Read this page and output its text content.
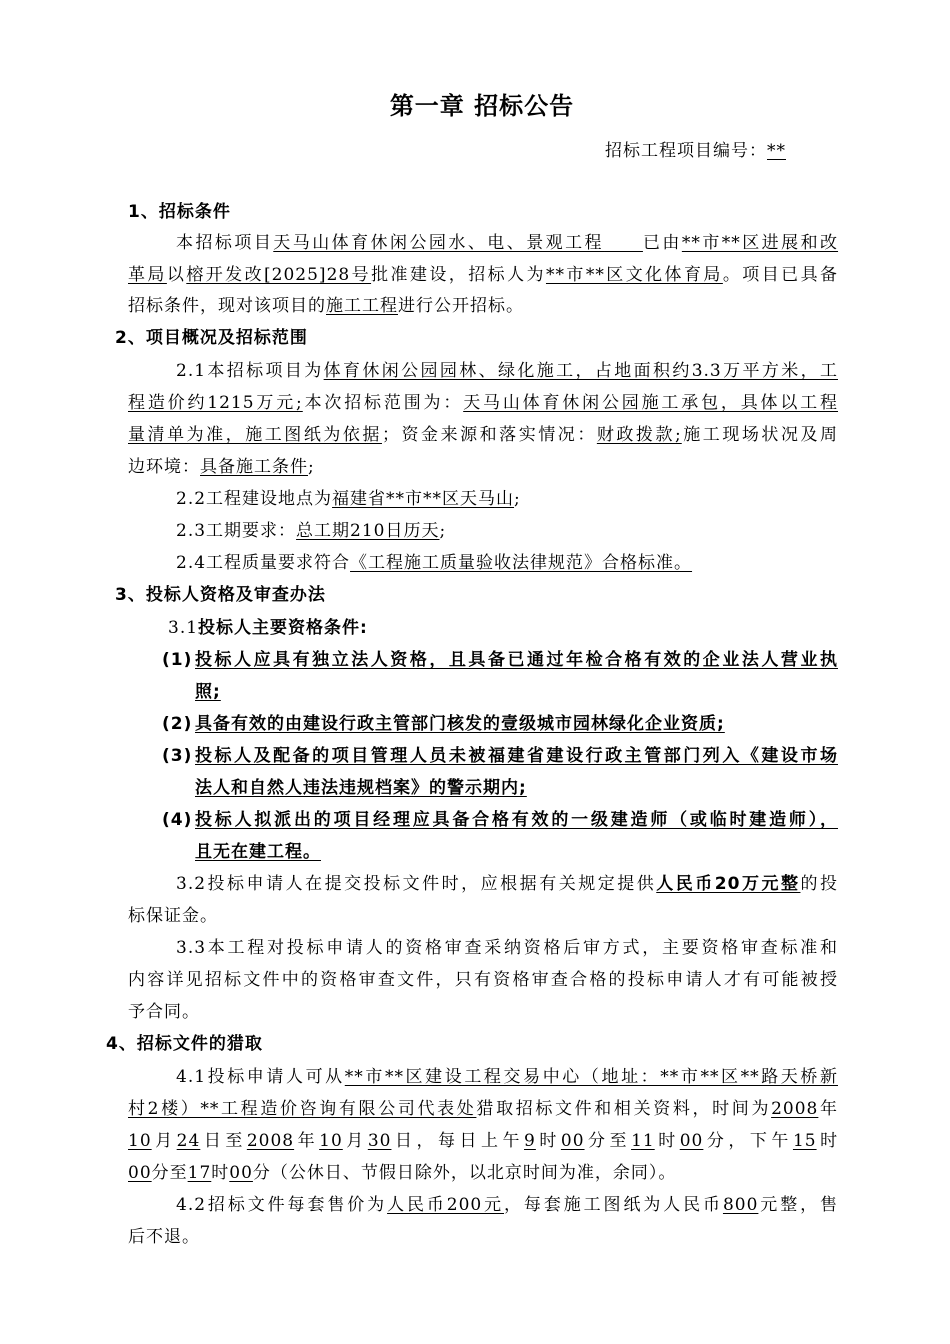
第一章 招标公告
招标工程项目编号：**
1、招标条件
本招标项目天马山体育休闲公园水、电、景观工程　　 已由**市**区进展和改
革局以榕开发改[2025]28号批准建设，招标人为**市**区文化体育局。项目已具备
招标条件，现对该项目的施工工程进行公开招标。
2、项目概况及招标范围
2.1本招标项目为体育休闲公园园林、绿化施工，占地面积约3.3万平方米，工
程造价约1215万元;本次招标范围为：天马山体育休闲公园施工承包，具体以工程
量清单为准，施工图纸为依据；资金来源和落实情况：财政拨款;施工现场状况及周
边环境：具备施工条件;
2.2工程建设地点为福建省**市**区天马山;
2.3工期要求：总工期210日历天;
2.4工程质量要求符合《工程施工质量验收法律规范》合格标准。
3、投标人资格及审查办法
3.1投标人主要资格条件:
(1) 投标人应具有独立法人资格，且具备已通过年检合格有效的企业法人营业执
照;
(2) 具备有效的由建设行政主管部门核发的壹级城市园林绿化企业资质;
(3) 投标人及配备的项目管理人员未被福建省建设行政主管部门列入《建设市场
法人和自然人违法违规档案》的警示期内;
(4) 投标人拟派出的项目经理应具备合格有效的一级建造师（或临时建造师），
且无在建工程。
3.2投标申请人在提交投标文件时，应根据有关规定提供人民币20万元整的投
标保证金。
3.3本工程对投标申请人的资格审查采纳资格后审方式，主要资格审查标准和
内容详见招标文件中的资格审查文件，只有资格审查合格的投标申请人才有可能被授
予合同。
4、招标文件的猎取
4.1投标申请人可从**市**区建设工程交易中心（地址：**市**区**路天桥新
村2楼）**工程造价咨询有限公司代表处猎取招标文件和相关资料，时间为2008年
10月24日至2008年10月30日，每日上午9时00分至11时00分，下午15时
00分至17时00分（公休日、节假日除外，以北京时间为准，余同）。
4.2招标文件每套售价为人民币200元，每套施工图纸为人民币800元整，售
后不退。
